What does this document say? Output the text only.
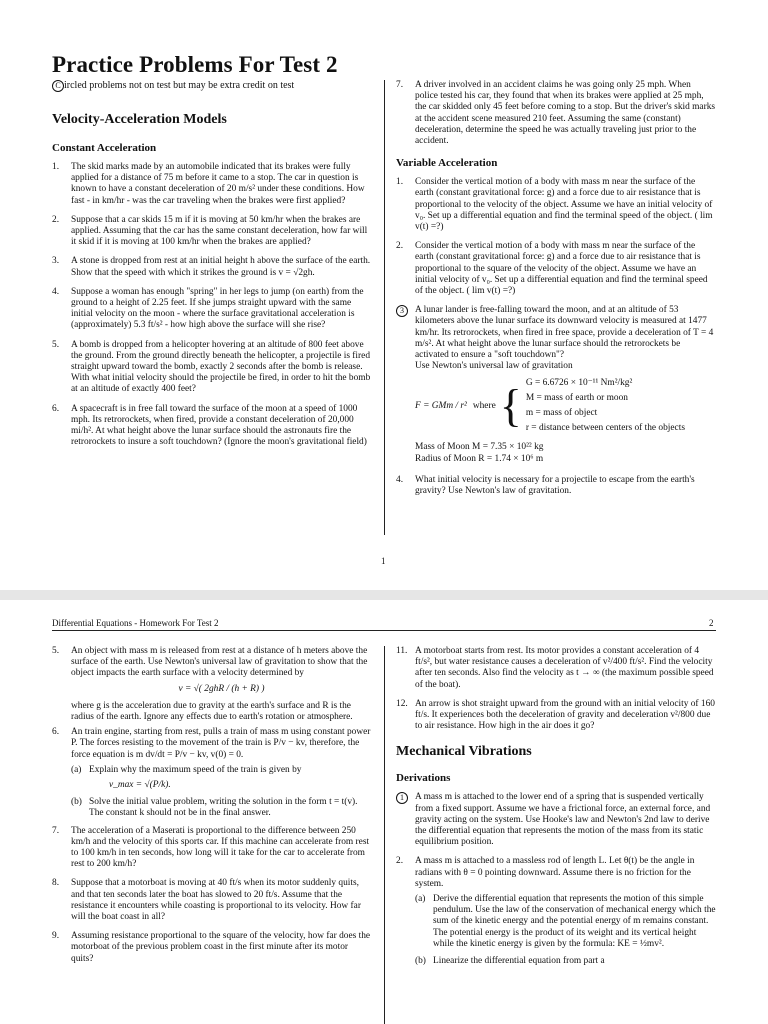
Practice Problems For Test 2
C ircled problems not on test but may be extra credit on test

Velocity-Acceleration Models

Constant Acceleration

1. The skid marks made by an automobile indicated that its brakes were fully applied for a distance of 75 m before it came to a stop. The car in question is known to have a constant deceleration of 20 m/s² under these conditions. How fast - in km/hr - was the car traveling when the brakes were first applied?
2. Suppose that a car skids 15 m if it is moving at 50 km/hr when the brakes are applied. Assuming that the car has the same constant deceleration, how far will it skid if it is moving at 100 km/hr when the brakes are applied?
3. A stone is dropped from rest at an initial height h above the surface of the earth. Show that the speed with which it strikes the ground is v = √2gh.
4. Suppose a woman has enough "spring" in her legs to jump (on earth) from the ground to a height of 2.25 feet. If she jumps straight upward with the same initial velocity on the moon - where the surface gravitational acceleration is (approximately) 5.3 ft/s² - how high above the surface will she rise?
5. A bomb is dropped from a helicopter hovering at an altitude of 800 feet above the ground. From the ground directly beneath the helicopter, a projectile is fired straight upward toward the bomb, exactly 2 seconds after the bomb is release. With what initial velocity should the projectile be fired, in order to hit the bomb at an altitude of exactly 400 feet?
6. A spacecraft is in free fall toward the surface of the moon at a speed of 1000 mph. Its retrorockets, when fired, provide a constant deceleration of 20,000 mi/h². At what height above the lunar surface should the astronauts fire the retrorockets to insure a soft touchdown? (Ignore the moon's gravitational field)
7. A driver involved in an accident claims he was going only 25 mph. When police tested his car, they found that when its brakes were applied at 25 mph, the car skidded only 45 feet before coming to a stop. But the driver's skid marks at the accident scene measured 210 feet. Assuming the same (constant) deceleration, determine the speed he was actually traveling just prior to the accident.

Variable Acceleration

1. Consider the vertical motion of a body with mass m near the surface of the earth (constant gravitational force: g) and a force due to air resistance that is proportional to the velocity of the object. Assume we have an initial velocity of v₀. Set up a differential equation and find the terminal speed of the object. ( lim v(t) =?)
2. Consider the vertical motion of a body with mass m near the surface of the earth (constant gravitational force: g) and a force due to air resistance that is proportional to the square of the velocity of the object. Assume we have an initial velocity of v₀. Set up a differential equation and find the terminal speed of the object. ( lim v(t) =?)
3	A lunar lander is free-falling toward the moon, and at an altitude of 53 kilometers above the lunar surface its downward velocity is measured at 1477 km/hr. Its retrorockets, when fired in free space, provide a deceleration of T = 4 m/s². At what height above the lunar surface should the retrorockets be activated to ensure a "soft touchdown"?
Use Newton's universal law of gravitation
F = GMm / r² where { G = 6.6726 × 10⁻¹¹ Nm²/kg²
M = mass of earth or moon
m = mass of object
r = distance between centers of the objects
Mass of Moon M = 7.35 × 10²² kg
Radius of Moon R = 1.74 × 10⁶ m
4. What initial velocity is necessary for a projectile to escape from the earth's gravity? Use Newton's law of gravitation.
1
Differential Equations - Homework For Test 2	2
5. An object with mass m is released from rest at a distance of h meters above the surface of the earth. Use Newton's universal law of gravitation to show that the object impacts the earth surface with a velocity determined by
v = √( 2ghR / (h + R) )
where g is the acceleration due to gravity at the earth's surface and R is the radius of the earth. Ignore any effects due to earth's rotation or atmosphere.
6. An train engine, starting from rest, pulls a train of mass m using constant power P. The forces resisting to the movement of the train is P/v − kv, therefore, the force equation is m dv/dt = P/v − kv, v(0) = 0.
(a) Explain why the maximum speed of the train is given by
v_max = √(P/k).
(b) Solve the initial value problem, writing the solution in the form t = t(v). The constant k should not be in the final answer.
7. The acceleration of a Maserati is proportional to the difference between 250 km/h and the velocity of this sports car. If this machine can accelerate from rest to 100 km/h in ten seconds, how long will it take for the car to accelerate from rest to 200 km/h?
8. Suppose that a motorboat is moving at 40 ft/s when its motor suddenly quits, and that ten seconds later the boat has slowed to 20 ft/s. Assume that the resistance it encounters while coasting is proportional to its velocity. How far will the boat coast in all?
9. Assuming resistance proportional to the square of the velocity, how far does the motorboat of the previous problem coast in the first minute after its motor quits?
11. A motorboat starts from rest. Its motor provides a constant acceleration of 4 ft/s², but water resistance causes a deceleration of v²/400 ft/s². Find the velocity after ten seconds. Also find the velocity as t → ∞ (the maximum possible speed of the boat).
12. An arrow is shot straight upward from the ground with an initial velocity of 160 ft/s. It experiences both the deceleration of gravity and deceleration v²/800 due to air resistance. How high in the air does it go?

Mechanical Vibrations

Derivations

1	A mass m is attached to the lower end of a spring that is suspended vertically from a fixed support. Assume we have a frictional force, an external force, and gravity acting on the system. Use Hooke's law and Newton's 2nd law to derive the differential equation that represents the motion of the mass from its static equilibrium position.
2. A mass m is attached to a massless rod of length L. Let θ(t) be the angle in radians with θ = 0 pointing downward. Assume there is no friction for the system.
(a) Derive the differential equation that represents the motion of this simple pendulum. Use the law of the conservation of mechanical energy which the sum of the kinetic energy and the potential energy of m remains constant. The potential energy is the product of its weight and its vertical height while the kinetic energy is given by the formula: KE = ½mv².
(b) Linearize the differential equation from part a
